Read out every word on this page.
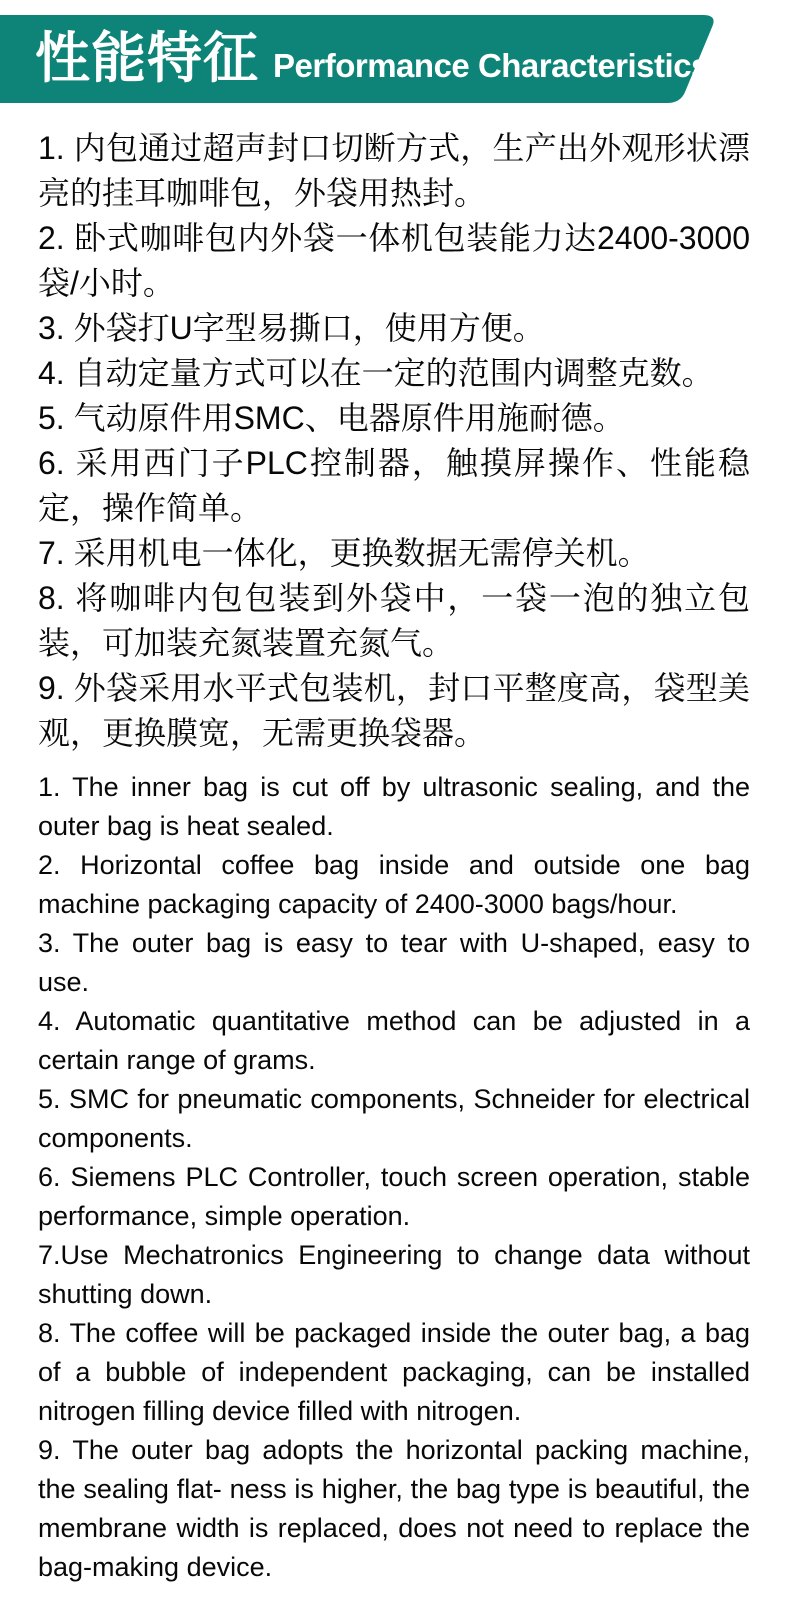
性能特征 Performance Characteristics

1. 内包通过超声封口切断方式，生产出外观形状漂亮的挂耳咖啡包，外袋用热封。

2. 卧式咖啡包内外袋一体机包装能力达2400-3000袋/小时。

3. 外袋打U字型易撕口，使用方便。

4. 自动定量方式可以在一定的范围内调整克数。

5. 气动原件用SMC、电器原件用施耐德。

6. 采用西门子PLC控制器，触摸屏操作、性能稳定，操作简单。

7. 采用机电一体化，更换数据无需停关机。

8. 将咖啡内包包装到外袋中，一袋一泡的独立包装，可加装充氮装置充氮气。

9. 外袋采用水平式包装机，封口平整度高，袋型美观，更换膜宽，无需更换袋器。

1. The inner bag is cut off by ultrasonic sealing, and the outer bag is heat sealed.

2. Horizontal coffee bag inside and outside one bag machine packaging capacity of 2400-3000 bags/hour.

3. The outer bag is easy to tear with U-shaped, easy to use.

4. Automatic quantitative method can be adjusted in a certain range of grams.

5. SMC for pneumatic components, Schneider for electrical components.

6. Siemens PLC Controller, touch screen operation, stable performance, simple operation.

7.Use Mechatronics Engineering to change data without shutting down.

8. The coffee will be packaged inside the outer bag, a bag of a bubble of independent packaging, can be installed nitrogen filling device filled with nitrogen.

9. The outer bag adopts the horizontal packing machine, the sealing flat- ness is higher, the bag type is beautiful, the membrane width is replaced, does not need to replace the bag-making device.
